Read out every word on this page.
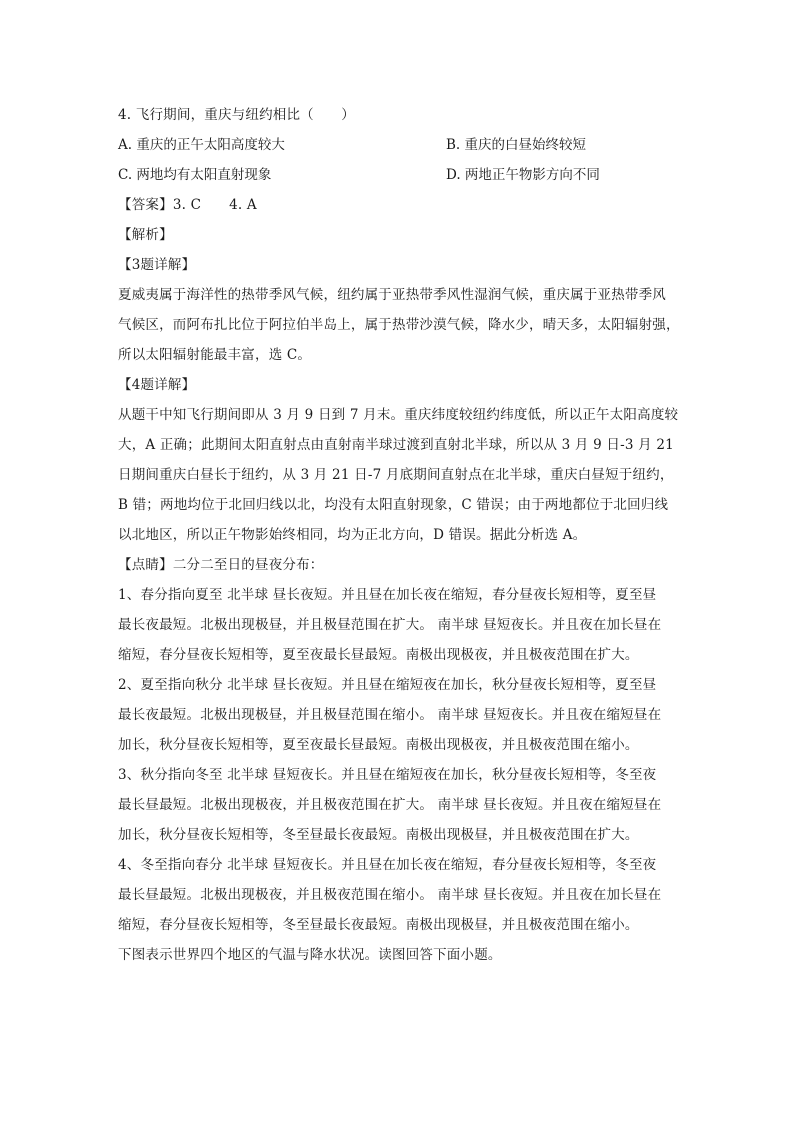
4. 飞行期间，重庆与纽约相比（　　）
A. 重庆的正午太阳高度较大	B. 重庆的白昼始终较短
C. 两地均有太阳直射现象	D. 两地正午物影方向不同
【答案】3. C 4. A
【解析】
【3题详解】
夏威夷属于海洋性的热带季风气候，纽约属于亚热带季风性湿润气候，重庆属于亚热带季风
气候区，而阿布扎比位于阿拉伯半岛上，属于热带沙漠气候，降水少，晴天多，太阳辐射强，
所以太阳辐射能最丰富，选 C。
【4题详解】
从题干中知飞行期间即从 3 月 9 日到 7 月末。重庆纬度较纽约纬度低，所以正午太阳高度较
大，A 正确；此期间太阳直射点由直射南半球过渡到直射北半球，所以从 3 月 9 日-3 月 21
日期间重庆白昼长于纽约，从 3 月 21 日-7 月底期间直射点在北半球，重庆白昼短于纽约，
B 错；两地均位于北回归线以北，均没有太阳直射现象，C 错误；由于两地都位于北回归线
以北地区，所以正午物影始终相同，均为正北方向，D 错误。据此分析选 A。
【点睛】二分二至日的昼夜分布：
1、春分指向夏至 北半球 昼长夜短。并且昼在加长夜在缩短，春分昼夜长短相等，夏至昼
最长夜最短。北极出现极昼，并且极昼范围在扩大。 南半球 昼短夜长。并且夜在加长昼在
缩短，春分昼夜长短相等，夏至夜最长昼最短。南极出现极夜，并且极夜范围在扩大。
2、夏至指向秋分 北半球 昼长夜短。并且昼在缩短夜在加长，秋分昼夜长短相等，夏至昼
最长夜最短。北极出现极昼，并且极昼范围在缩小。 南半球 昼短夜长。并且夜在缩短昼在
加长，秋分昼夜长短相等，夏至夜最长昼最短。南极出现极夜，并且极夜范围在缩小。
3、秋分指向冬至 北半球 昼短夜长。并且昼在缩短夜在加长，秋分昼夜长短相等，冬至夜
最长昼最短。北极出现极夜，并且极夜范围在扩大。 南半球 昼长夜短。并且夜在缩短昼在
加长，秋分昼夜长短相等，冬至昼最长夜最短。南极出现极昼，并且极夜范围在扩大。
4、冬至指向春分 北半球 昼短夜长。并且昼在加长夜在缩短，春分昼夜长短相等，冬至夜
最长昼最短。北极出现极夜，并且极夜范围在缩小。 南半球 昼长夜短。并且夜在加长昼在
缩短，春分昼夜长短相等，冬至昼最长夜最短。南极出现极昼，并且极夜范围在缩小。
下图表示世界四个地区的气温与降水状况。读图回答下面小题。
